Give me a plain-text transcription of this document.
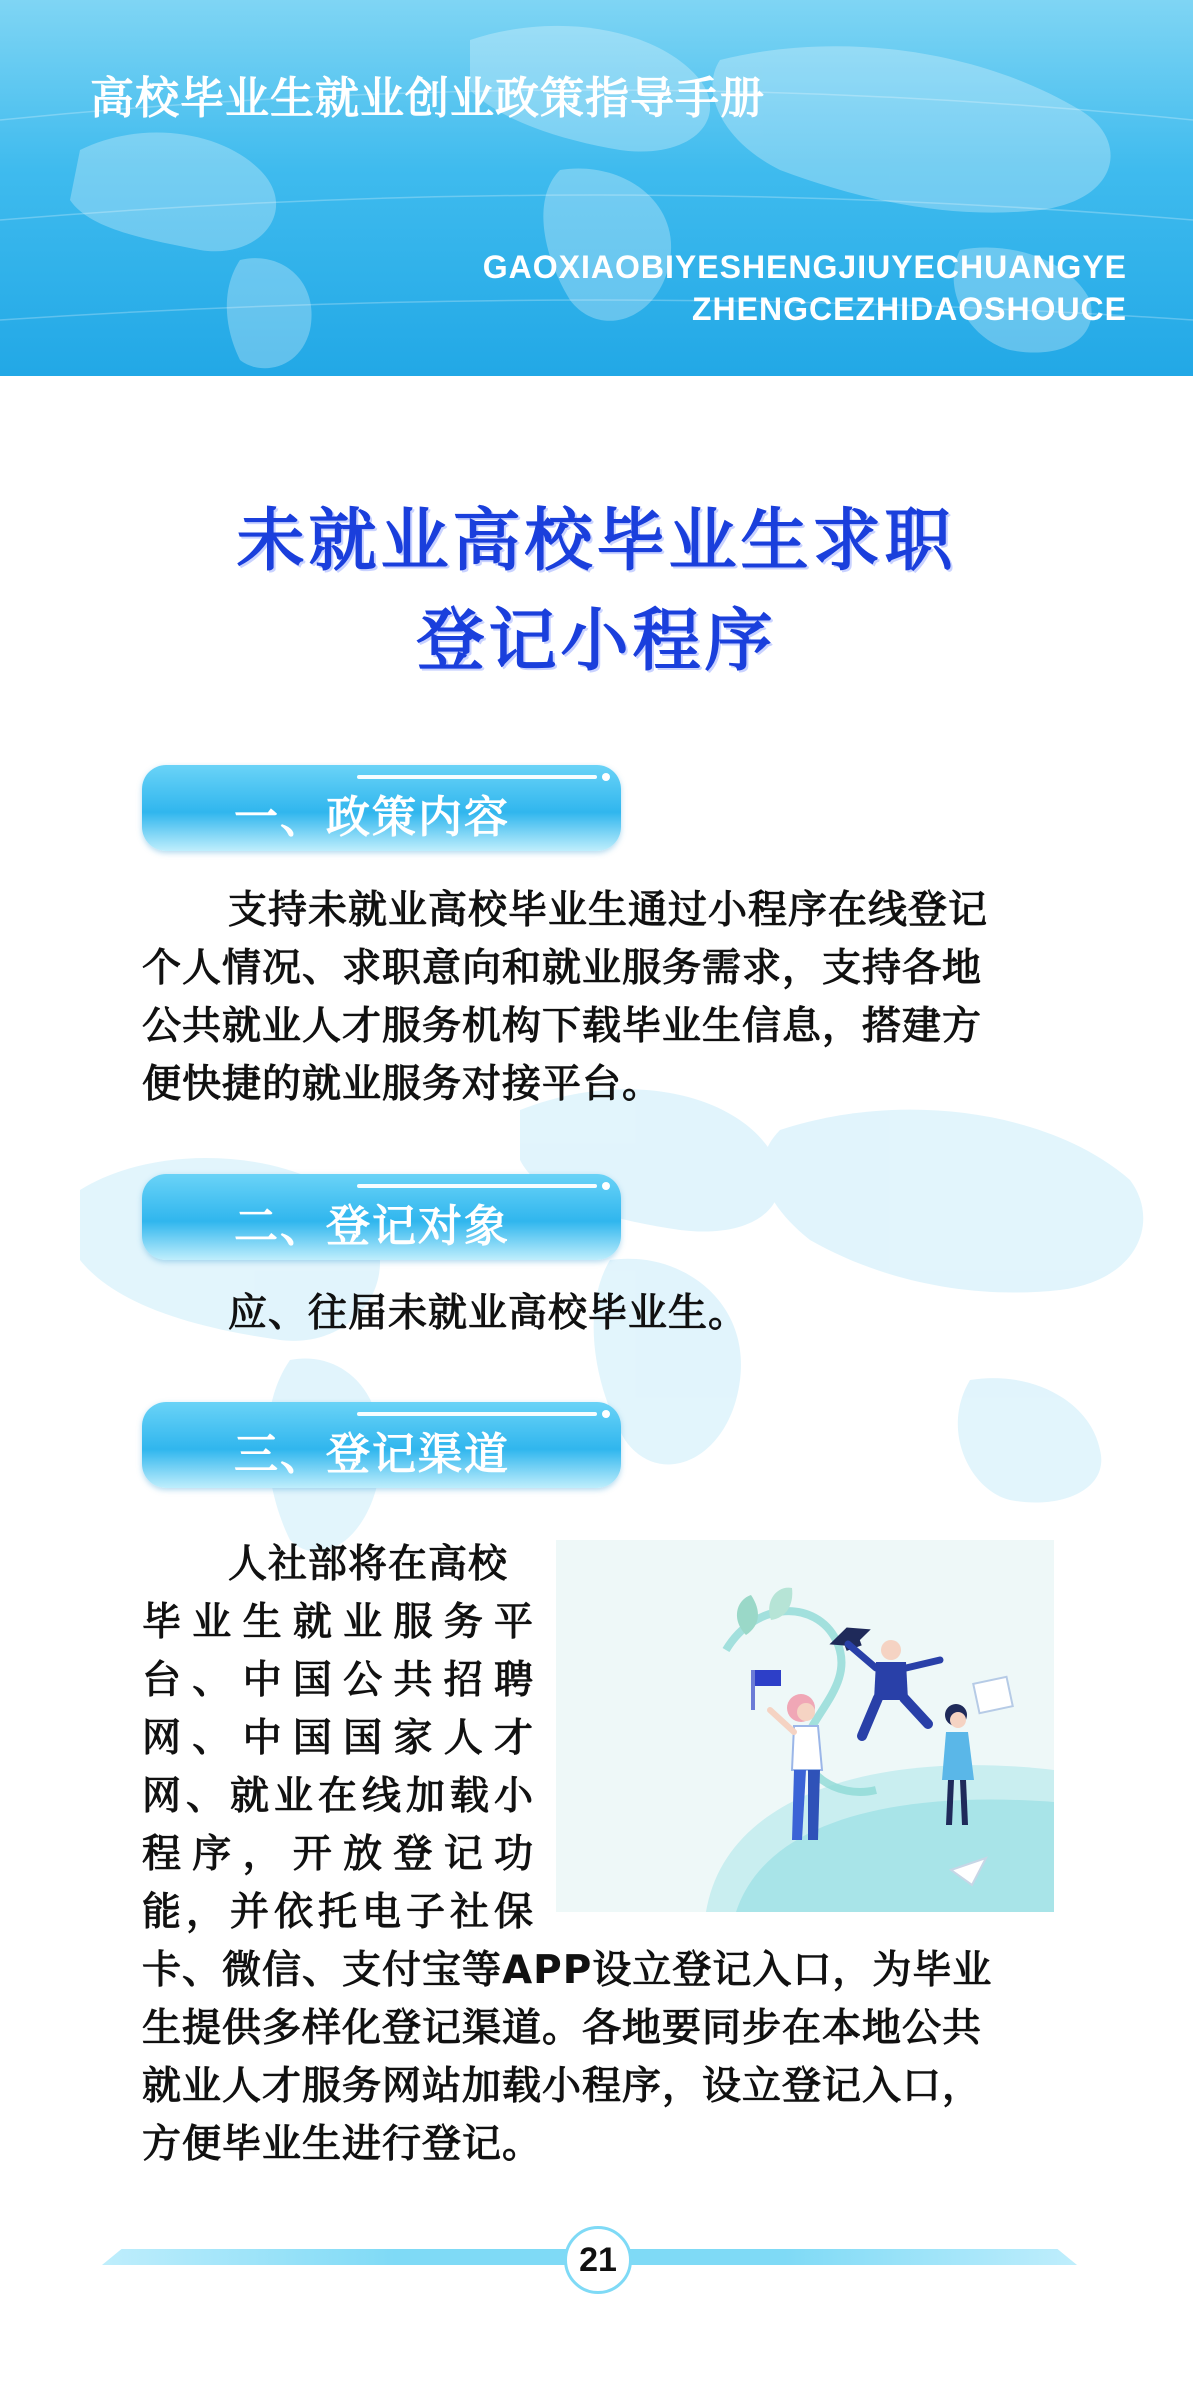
高校毕业生就业创业政策指导手册
GAOXIAOBIYESHENGJIUYECHUANGYE
ZHENGCEZHIDAOSHOUCE
未就业高校毕业生求职
登记小程序
一、政策内容
支持未就业高校毕业生通过小程序在线登记
个人情况、求职意向和就业服务需求，支持各地
公共就业人才服务机构下载毕业生信息，搭建方
便快捷的就业服务对接平台。
二、登记对象
应、往届未就业高校毕业生。
三、登记渠道
人社部将在高校
毕业生就业服务平
台、中国公共招聘
网、中国国家人才
网、就业在线加载小
程序，开放登记功
能，并依托电子社保
卡、微信、支付宝等APP设立登记入口，为毕业
生提供多样化登记渠道。各地要同步在本地公共
就业人才服务网站加载小程序，设立登记入口，
方便毕业生进行登记。
21
